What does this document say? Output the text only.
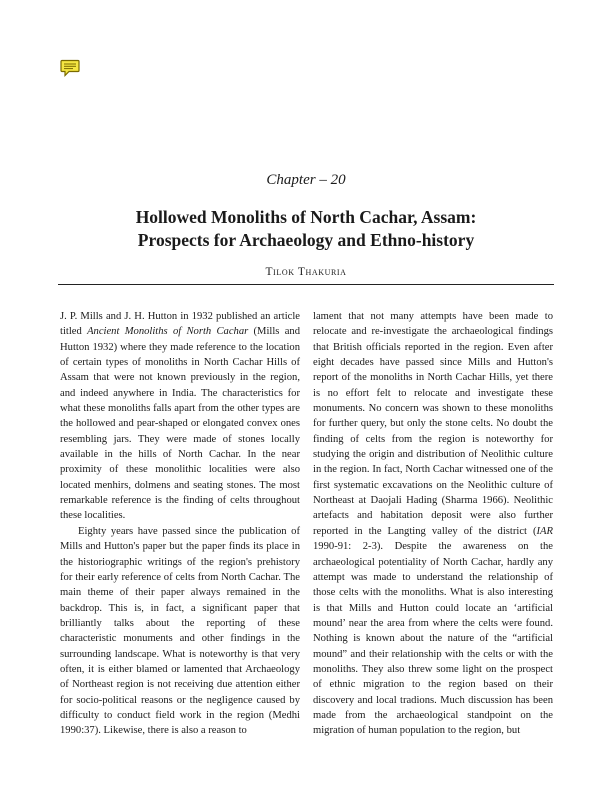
Chapter – 20
Hollowed Monoliths of North Cachar, Assam:
Prospects for Archaeology and Ethno-history
Tilok Thakuria

J. P. Mills and J. H. Hutton in 1932 published an article titled Ancient Monoliths of North Cachar (Mills and Hutton 1932) where they made reference to the location of certain types of monoliths in North Cachar Hills of Assam that were not known previously in the region, and indeed anywhere in India. The characteristics for what these monoliths falls apart from the other types are the hollowed and pear-shaped or elongated convex ones resembling jars. They were made of stones locally available in the hills of North Cachar. In the near proximity of these monolithic localities were also located menhirs, dolmens and seating stones. The most remarkable reference is the finding of celts throughout these localities.

Eighty years have passed since the publication of Mills and Hutton's paper but the paper finds its place in the historiographic writings of the region's prehistory for their early reference of celts from North Cachar. The main theme of their paper always remained in the backdrop. This is, in fact, a significant paper that brilliantly talks about the reporting of these characteristic monuments and other findings in the surrounding landscape. What is noteworthy is that very often, it is either blamed or lamented that Archaeology of Northeast region is not receiving due attention either for socio-political reasons or the negligence caused by difficulty to conduct field work in the region (Medhi 1990:37). Likewise, there is also a reason to

lament that not many attempts have been made to relocate and re-investigate the archaeological findings that British officials reported in the region. Even after eight decades have passed since Mills and Hutton's report of the monoliths in North Cachar Hills, yet there is no effort felt to relocate and investigate these monuments. No concern was shown to these monoliths for further query, but only the stone celts. No doubt the finding of celts from the region is noteworthy for studying the origin and distribution of Neolithic culture in the region. In fact, North Cachar witnessed one of the first systematic excavations on the Neolithic culture of Northeast at Daojali Hading (Sharma 1966). Neolithic artefacts and habitation deposit were also further reported in the Langting valley of the district (IAR 1990-91: 2-3). Despite the awareness on the archaeological potentiality of North Cachar, hardly any attempt was made to understand the relationship of those celts with the monoliths. What is also interesting is that Mills and Hutton could locate an ‘artificial mound’ near the area from where the celts were found. Nothing is known about the nature of the “artificial mound” and their relationship with the celts or with the monoliths. They also threw some light on the prospect of ethnic migration to the region based on their discovery and local tradions. Much discussion has been made from the archaeological standpoint on the migration of human population to the region, but
